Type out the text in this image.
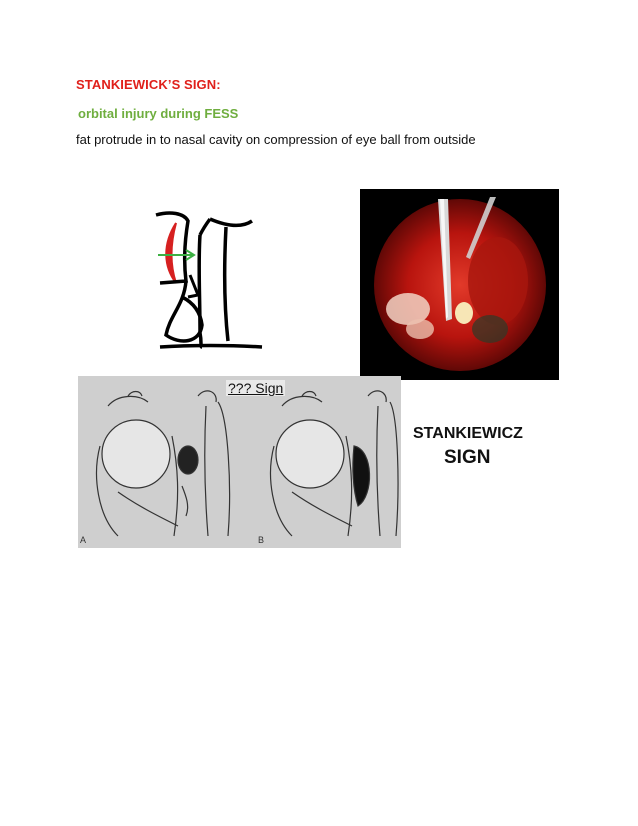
STANKIEWICK’S SIGN:
orbital injury during FESS
fat protrude in to nasal cavity on compression of eye ball from outside
??? Sign
A	B
STANKIEWICZ
SIGN
